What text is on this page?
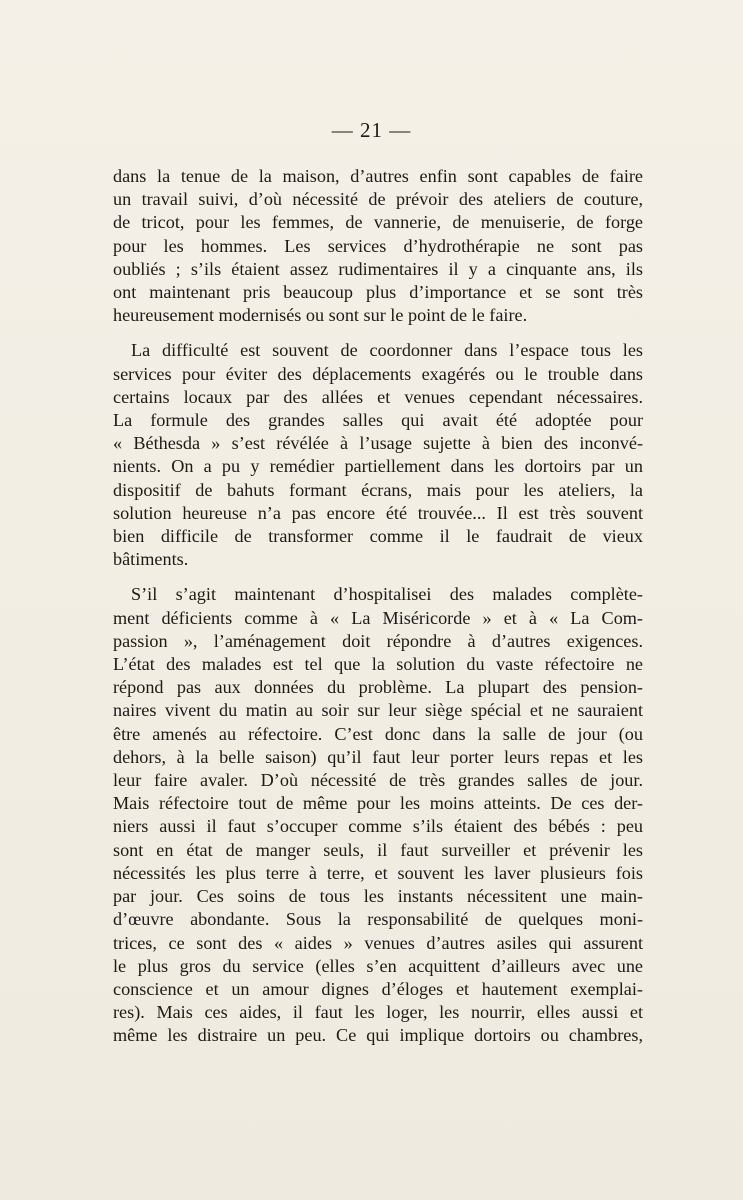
— 21 —

dans la tenue de la maison, d’autres enfin sont capables de faire
un travail suivi, d’où nécessité de prévoir des ateliers de couture,
de tricot, pour les femmes, de vannerie, de menuiserie, de forge
pour les hommes. Les services d’hydrothérapie ne sont pas
oubliés ; s’ils étaient assez rudimentaires il y a cinquante ans, ils
ont maintenant pris beaucoup plus d’importance et se sont très
heureusement modernisés ou sont sur le point de le faire.

La difficulté est souvent de coordonner dans l’espace tous les
services pour éviter des déplacements exagérés ou le trouble dans
certains locaux par des allées et venues cependant nécessaires.
La formule des grandes salles qui avait été adoptée pour
« Béthesda » s’est révélée à l’usage sujette à bien des inconvé-
nients. On a pu y remédier partiellement dans les dortoirs par un
dispositif de bahuts formant écrans, mais pour les ateliers, la
solution heureuse n’a pas encore été trouvée... Il est très souvent
bien difficile de transformer comme il le faudrait de vieux
bâtiments.

S’il s’agit maintenant d’hospitalisei des malades complète-
ment déficients comme à « La Miséricorde » et à « La Com-
passion », l’aménagement doit répondre à d’autres exigences.
L’état des malades est tel que la solution du vaste réfectoire ne
répond pas aux données du problème. La plupart des pension-
naires vivent du matin au soir sur leur siège spécial et ne sauraient
être amenés au réfectoire. C’est donc dans la salle de jour (ou
dehors, à la belle saison) qu’il faut leur porter leurs repas et les
leur faire avaler. D’où nécessité de très grandes salles de jour.
Mais réfectoire tout de même pour les moins atteints. De ces der-
niers aussi il faut s’occuper comme s’ils étaient des bébés : peu
sont en état de manger seuls, il faut surveiller et prévenir les
nécessités les plus terre à terre, et souvent les laver plusieurs fois
par jour. Ces soins de tous les instants nécessitent une main-
d’œuvre abondante. Sous la responsabilité de quelques moni-
trices, ce sont des « aides » venues d’autres asiles qui assurent
le plus gros du service (elles s’en acquittent d’ailleurs avec une
conscience et un amour dignes d’éloges et hautement exemplai-
res). Mais ces aides, il faut les loger, les nourrir, elles aussi et
même les distraire un peu. Ce qui implique dortoirs ou chambres,
